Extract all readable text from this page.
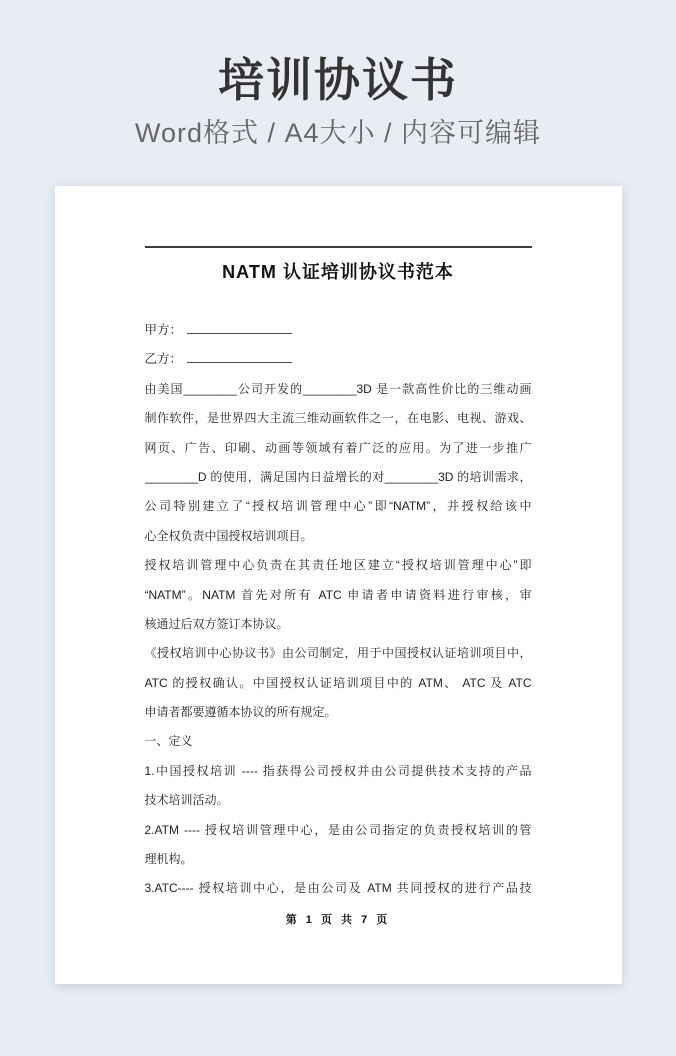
培训协议书
Word格式 / A4大小 / 内容可编辑
NATM 认证培训协议书范本
甲方：
乙方：
由美国________公司开发的________3D 是一款高性价比的三维动画
制作软件，是世界四大主流三维动画软件之一，在电影、电视、游戏、
网页、广告、印刷、动画等领域有着广泛的应用。为了进一步推广
________D 的使用，满足国内日益增长的对________3D 的培训需求，
公司特别建立了“授权培训管理中心”即“NATM”，并授权给该中
心全权负责中国授权培训项目。
授权培训管理中心负责在其责任地区建立“授权培训管理中心”即
“NATM”。NATM 首先对所有 ATC 申请者申请资料进行审核，审
核通过后双方签订本协议。
《授权培训中心协议书》由公司制定，用于中国授权认证培训项目中，
ATC 的授权确认。中国授权认证培训项目中的 ATM、 ATC 及 ATC
申请者都要遵循本协议的所有规定。
一、定义
1.中国授权培训 ---- 指获得公司授权并由公司提供技术支持的产品
技术培训活动。
2.ATM ---- 授权培训管理中心，是由公司指定的负责授权培训的管
理机构。
3.ATC---- 授权培训中心，是由公司及 ATM 共同授权的进行产品技
第 1 页 共 7 页
